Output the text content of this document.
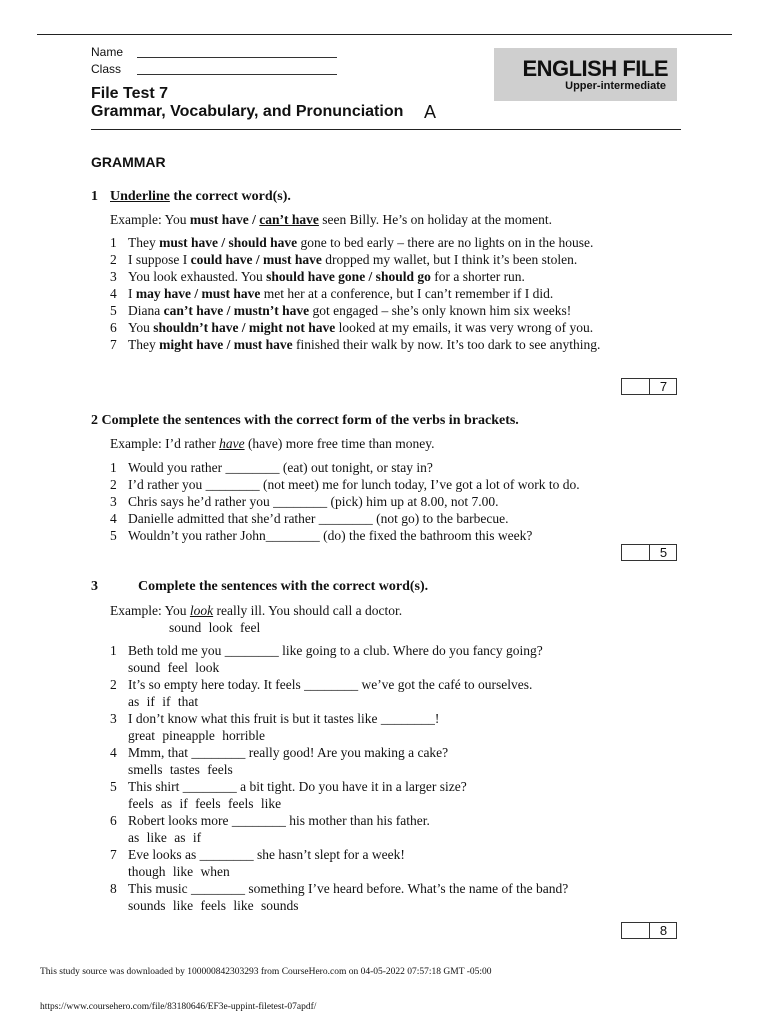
Name
Class
File Test 7
Grammar, Vocabulary, and Pronunciation A
ENGLISH FILE
Upper-intermediate
GRAMMAR
1 Underline the correct word(s).
Example: You must have / can’t have seen Billy. He’s on holiday at the moment.
1 They must have / should have gone to bed early – there are no lights on in the house.
2 I suppose I could have / must have dropped my wallet, but I think it’s been stolen.
3 You look exhausted. You should have gone / should go for a shorter run.
4 I may have / must have met her at a conference, but I can’t remember if I did.
5 Diana can’t have / mustn’t have got engaged – she’s only known him six weeks!
6 You shouldn’t have / might not have looked at my emails, it was very wrong of you.
7 They might have / must have finished their walk by now. It’s too dark to see anything.
7
2 Complete the sentences with the correct form of the verbs in brackets.
Example: I’d rather have (have) more free time than money.
1 Would you rather ________ (eat) out tonight, or stay in?
2 I’d rather you ________ (not meet) me for lunch today, I’ve got a lot of work to do.
3 Chris says he’d rather you ________ (pick) him up at 8.00, not 7.00.
4 Danielle admitted that she’d rather ________ (not go) to the barbecue.
5 Wouldn’t you rather John________ (do) the fixed the bathroom this week?
5
3	Complete the sentences with the correct word(s).
Example: You look really ill. You should call a doctor.
sound look feel
1 Beth told me you ________ like going to a club. Where do you fancy going?
sound feel look
2 It’s so empty here today. It feels ________ we’ve got the café to ourselves.
as if if that
3 I don’t know what this fruit is but it tastes like ________!
great pineapple horrible
4 Mmm, that ________ really good! Are you making a cake?
smells tastes feels
5 This shirt ________ a bit tight. Do you have it in a larger size?
feels as if feels feels like
6 Robert looks more ________ his mother than his father.
as like as if
7 Eve looks as ________ she hasn’t slept for a week!
though like when
8 This music ________ something I’ve heard before. What’s the name of the band?
sounds like feels like sounds
8
This study source was downloaded by 100000842303293 from CourseHero.com on 04-05-2022 07:57:18 GMT -05:00
https://www.coursehero.com/file/83180646/EF3e-uppint-filetest-07apdf/
